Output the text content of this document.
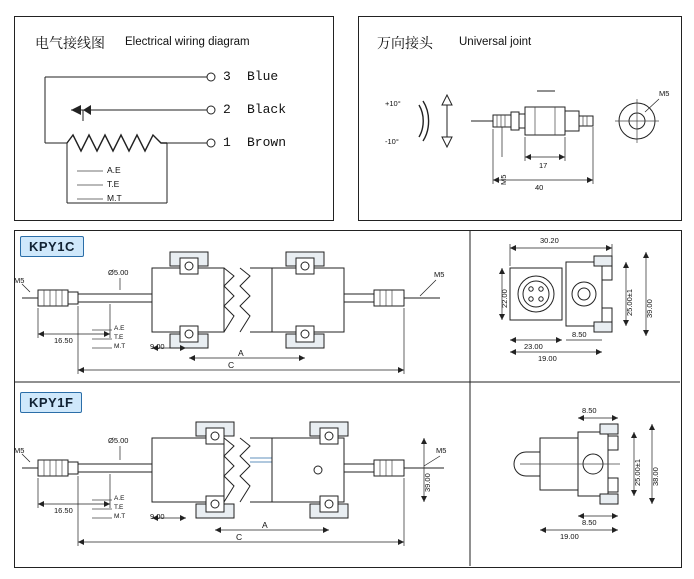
电气接线图 Electrical wiring diagram
3 Blue
2 Black
1 Brown
A.E
T.E
M.T
万向接头 Universal joint
+10°
-10°
M5
M5
17
40
KPY1C
M5
M5
Ø5.00
16.50
9.00
A
C
A.E
T.E
M.T
30.20
22.00
23.00
19.00
8.50
25.00±1 39.00
KPY1F
M5	M5
Ø5.00
16.50
9.00
A
C
39.00
A.E
T.E
M.T
8.50
8.50
19.00
25.00±1 38.00
